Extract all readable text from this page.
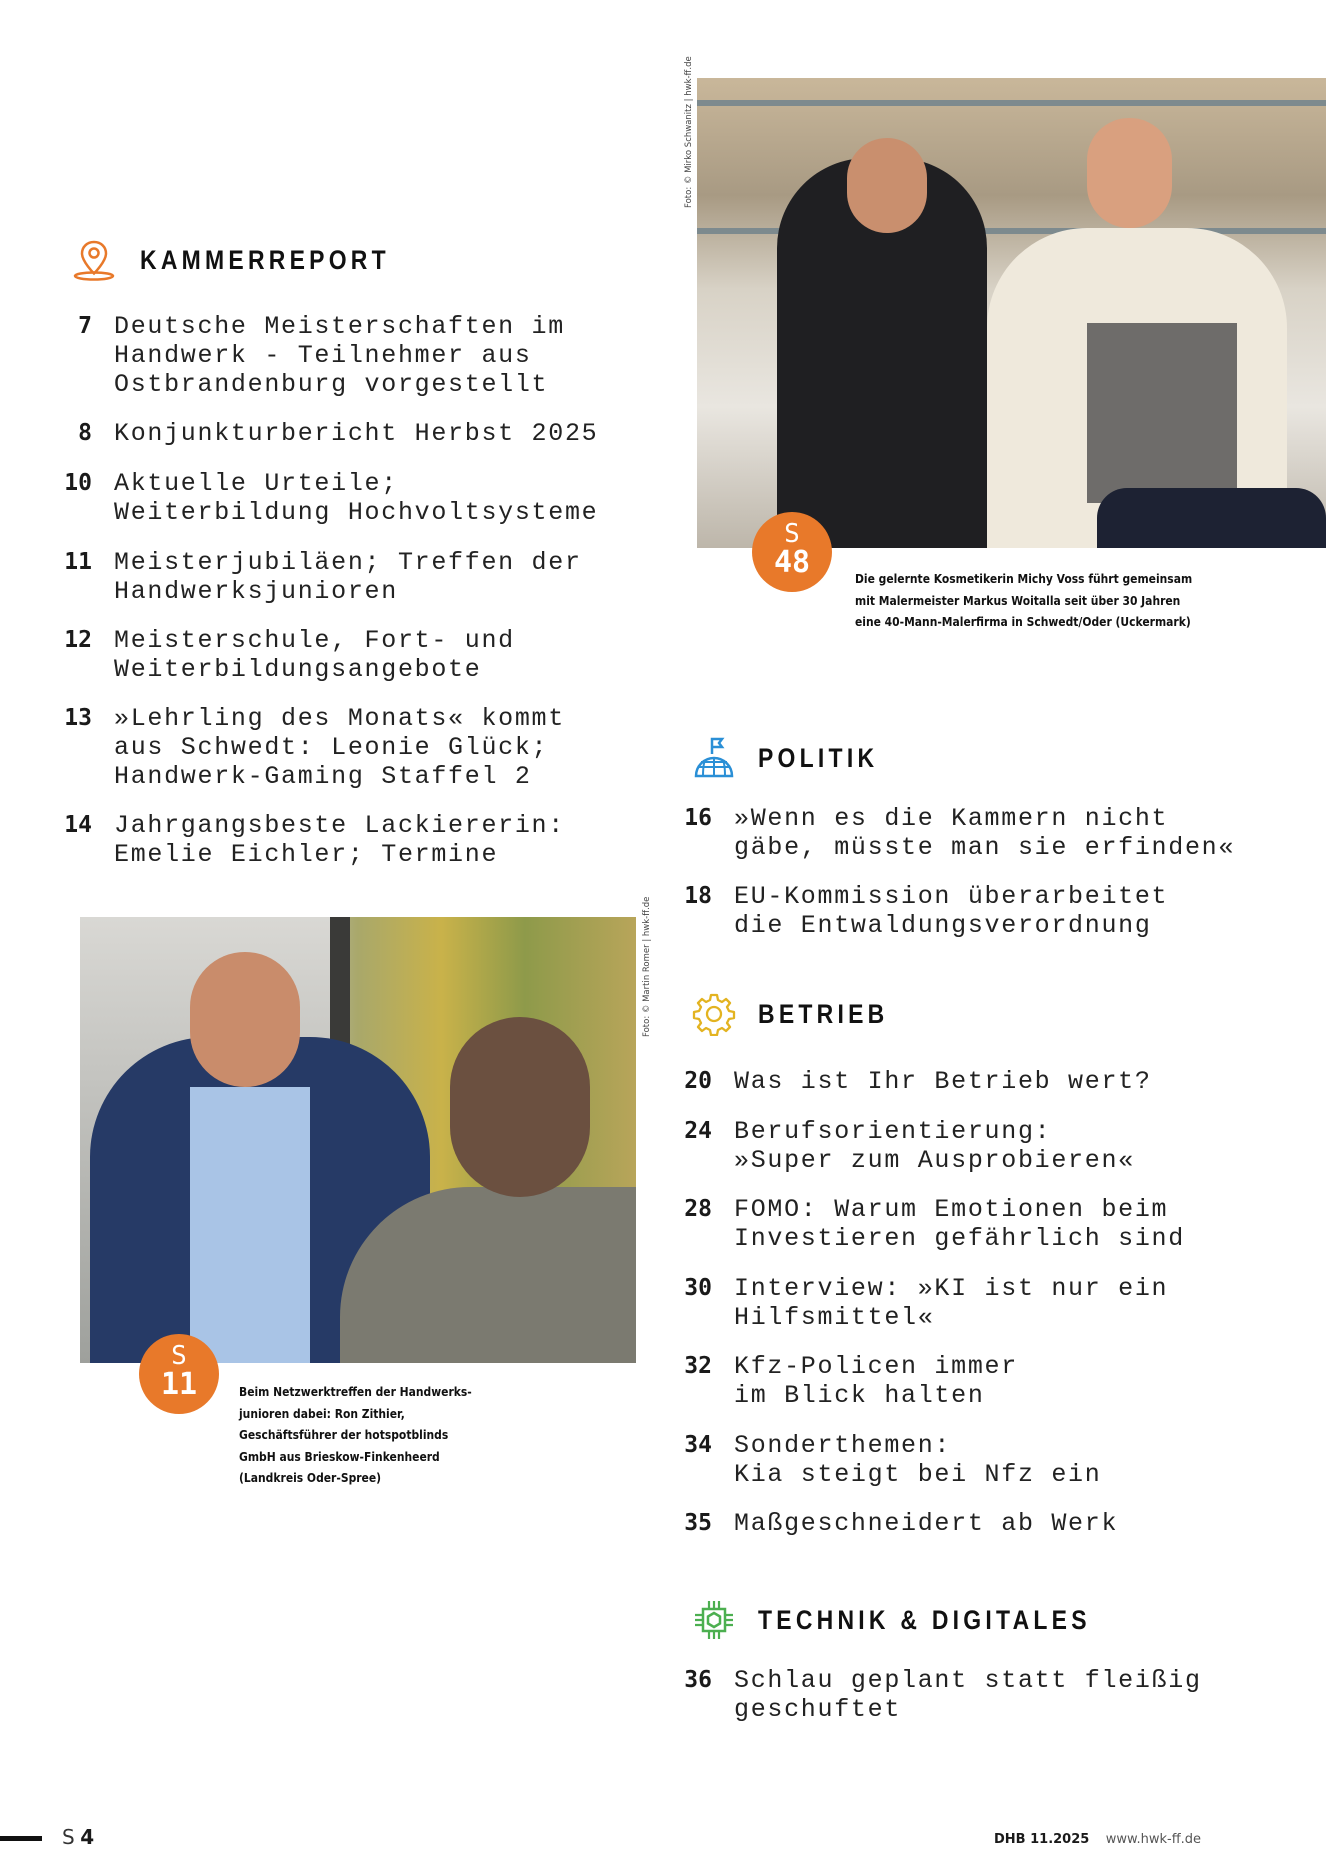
KAMMERREPORT
7 Deutsche Meisterschaften im
Handwerk - Teilnehmer aus
Ostbrandenburg vorgestellt
8 Konjunkturbericht Herbst 2025
10 Aktuelle Urteile;
Weiterbildung Hochvoltsysteme
11 Meisterjubiläen; Treffen der
Handwerksjunioren
12 Meisterschule, Fort- und
Weiterbildungsangebote
13 »Lehrling des Monats« kommt
aus Schwedt: Leonie Glück;
Handwerk-Gaming Staffel 2
14 Jahrgangsbeste Lackiererin:
Emelie Eichler; Termine
Foto: © Mirko Schwanitz | hwk-ff.de
S
48	Die gelernte Kosmetikerin Michy Voss führt gemeinsam
mit Malermeister Markus Woitalla seit über 30 Jahren
eine 40-Mann-Malerfirma in Schwedt/Oder (Uckermark)
POLITIK
16 »Wenn es die Kammern nicht
gäbe, müsste man sie erfinden«
18 EU-Kommission überarbeitet
die Entwaldungsverordnung
BETRIEB
20 Was ist Ihr Betrieb wert?
24 Berufsorientierung:
»Super zum Ausprobieren«
28 FOMO: Warum Emotionen beim
Investieren gefährlich sind
30 Interview: »KI ist nur ein
Hilfsmittel«
32 Kfz-Policen immer
im Blick halten
34 Sonderthemen:
Kia steigt bei Nfz ein
35 Maßgeschneidert ab Werk
TECHNIK & DIGITALES
36 Schlau geplant statt fleißig
geschuftet
Foto: © Martin Romer | hwk-ff.de
S
11	Beim Netzwerktreffen der Handwerks-
junioren dabei: Ron Zithier,
Geschäftsführer der hotspotblinds
GmbH aus Brieskow-Finkenheerd
(Landkreis Oder-Spree)
S 4	DHB 11.2025 www.hwk-ff.de
